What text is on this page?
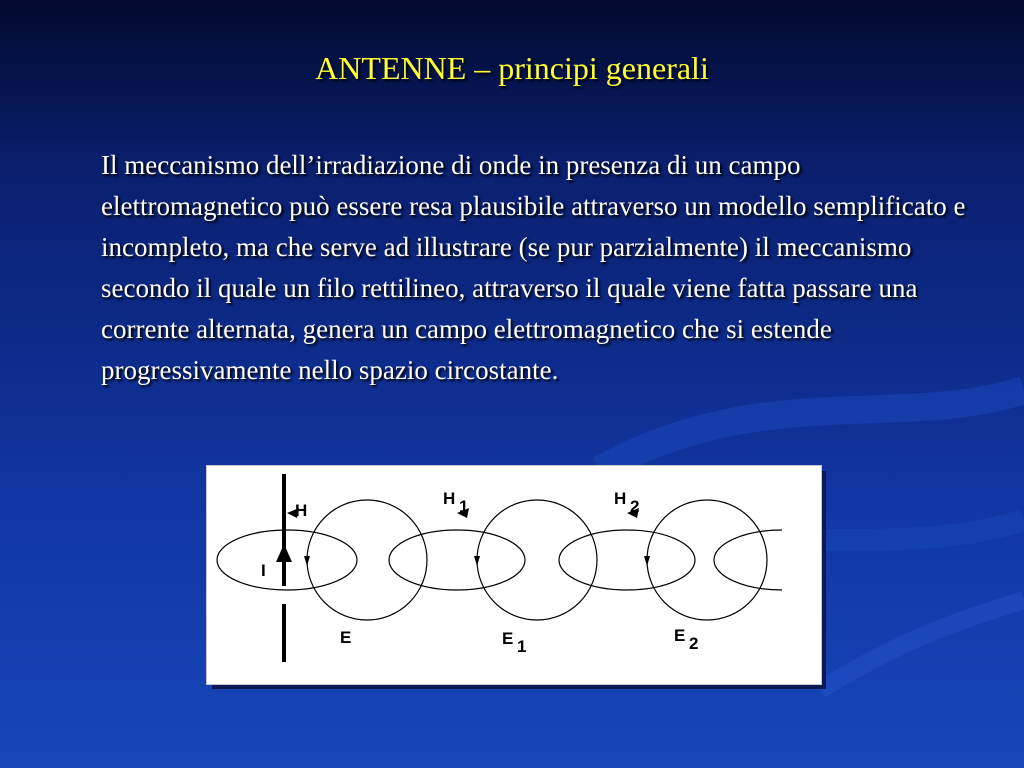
ANTENNE – principi generali

Il meccanismo dell’irradiazione di onde in presenza di un campo elettromagnetico può essere resa plausibile attraverso un modello semplificato e incompleto, ma che serve ad illustrare (se pur parzialmente) il meccanismo secondo il quale un filo rettilineo, attraverso il quale viene fatta passare una corrente alternata, genera un campo elettromagnetico che si estende progressivamente nello spazio circostante.

I
H
E
H 1
E 1
H 2
E 2
